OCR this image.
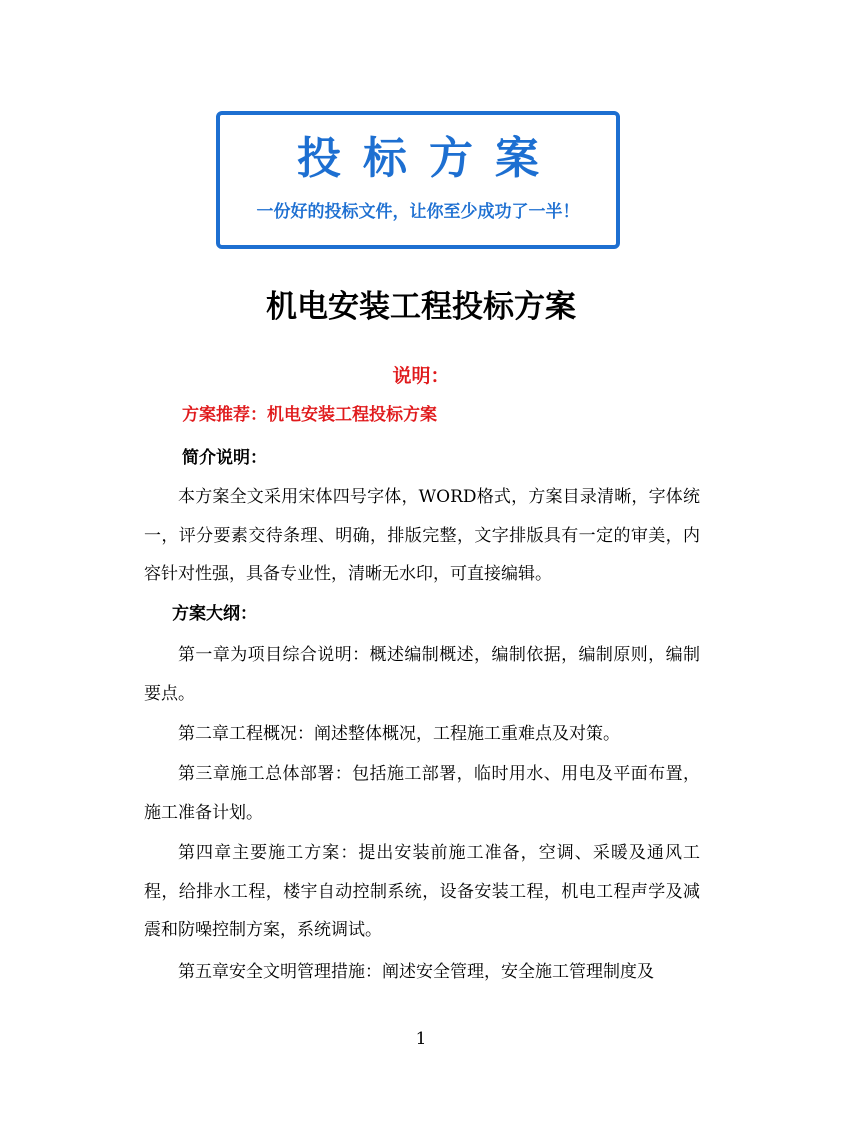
投标方案
一份好的投标文件，让你至少成功了一半！
机电安装工程投标方案
说明：
方案推荐：机电安装工程投标方案
简介说明：

本方案全文采用宋体四号字体，WORD格式，方案目录清晰，字体统一，评分要素交待条理、明确，排版完整，文字排版具有一定的审美，内容针对性强，具备专业性，清晰无水印，可直接编辑。

方案大纲：

第一章为项目综合说明：概述编制概述，编制依据，编制原则，编制要点。

第二章工程概况：阐述整体概况，工程施工重难点及对策。

第三章施工总体部署：包括施工部署，临时用水、用电及平面布置，施工准备计划。

第四章主要施工方案：提出安装前施工准备，空调、采暖及通风工程，给排水工程，楼宇自动控制系统，设备安装工程，机电工程声学及减震和防噪控制方案，系统调试。

第五章安全文明管理措施：阐述安全管理，安全施工管理制度及

1
